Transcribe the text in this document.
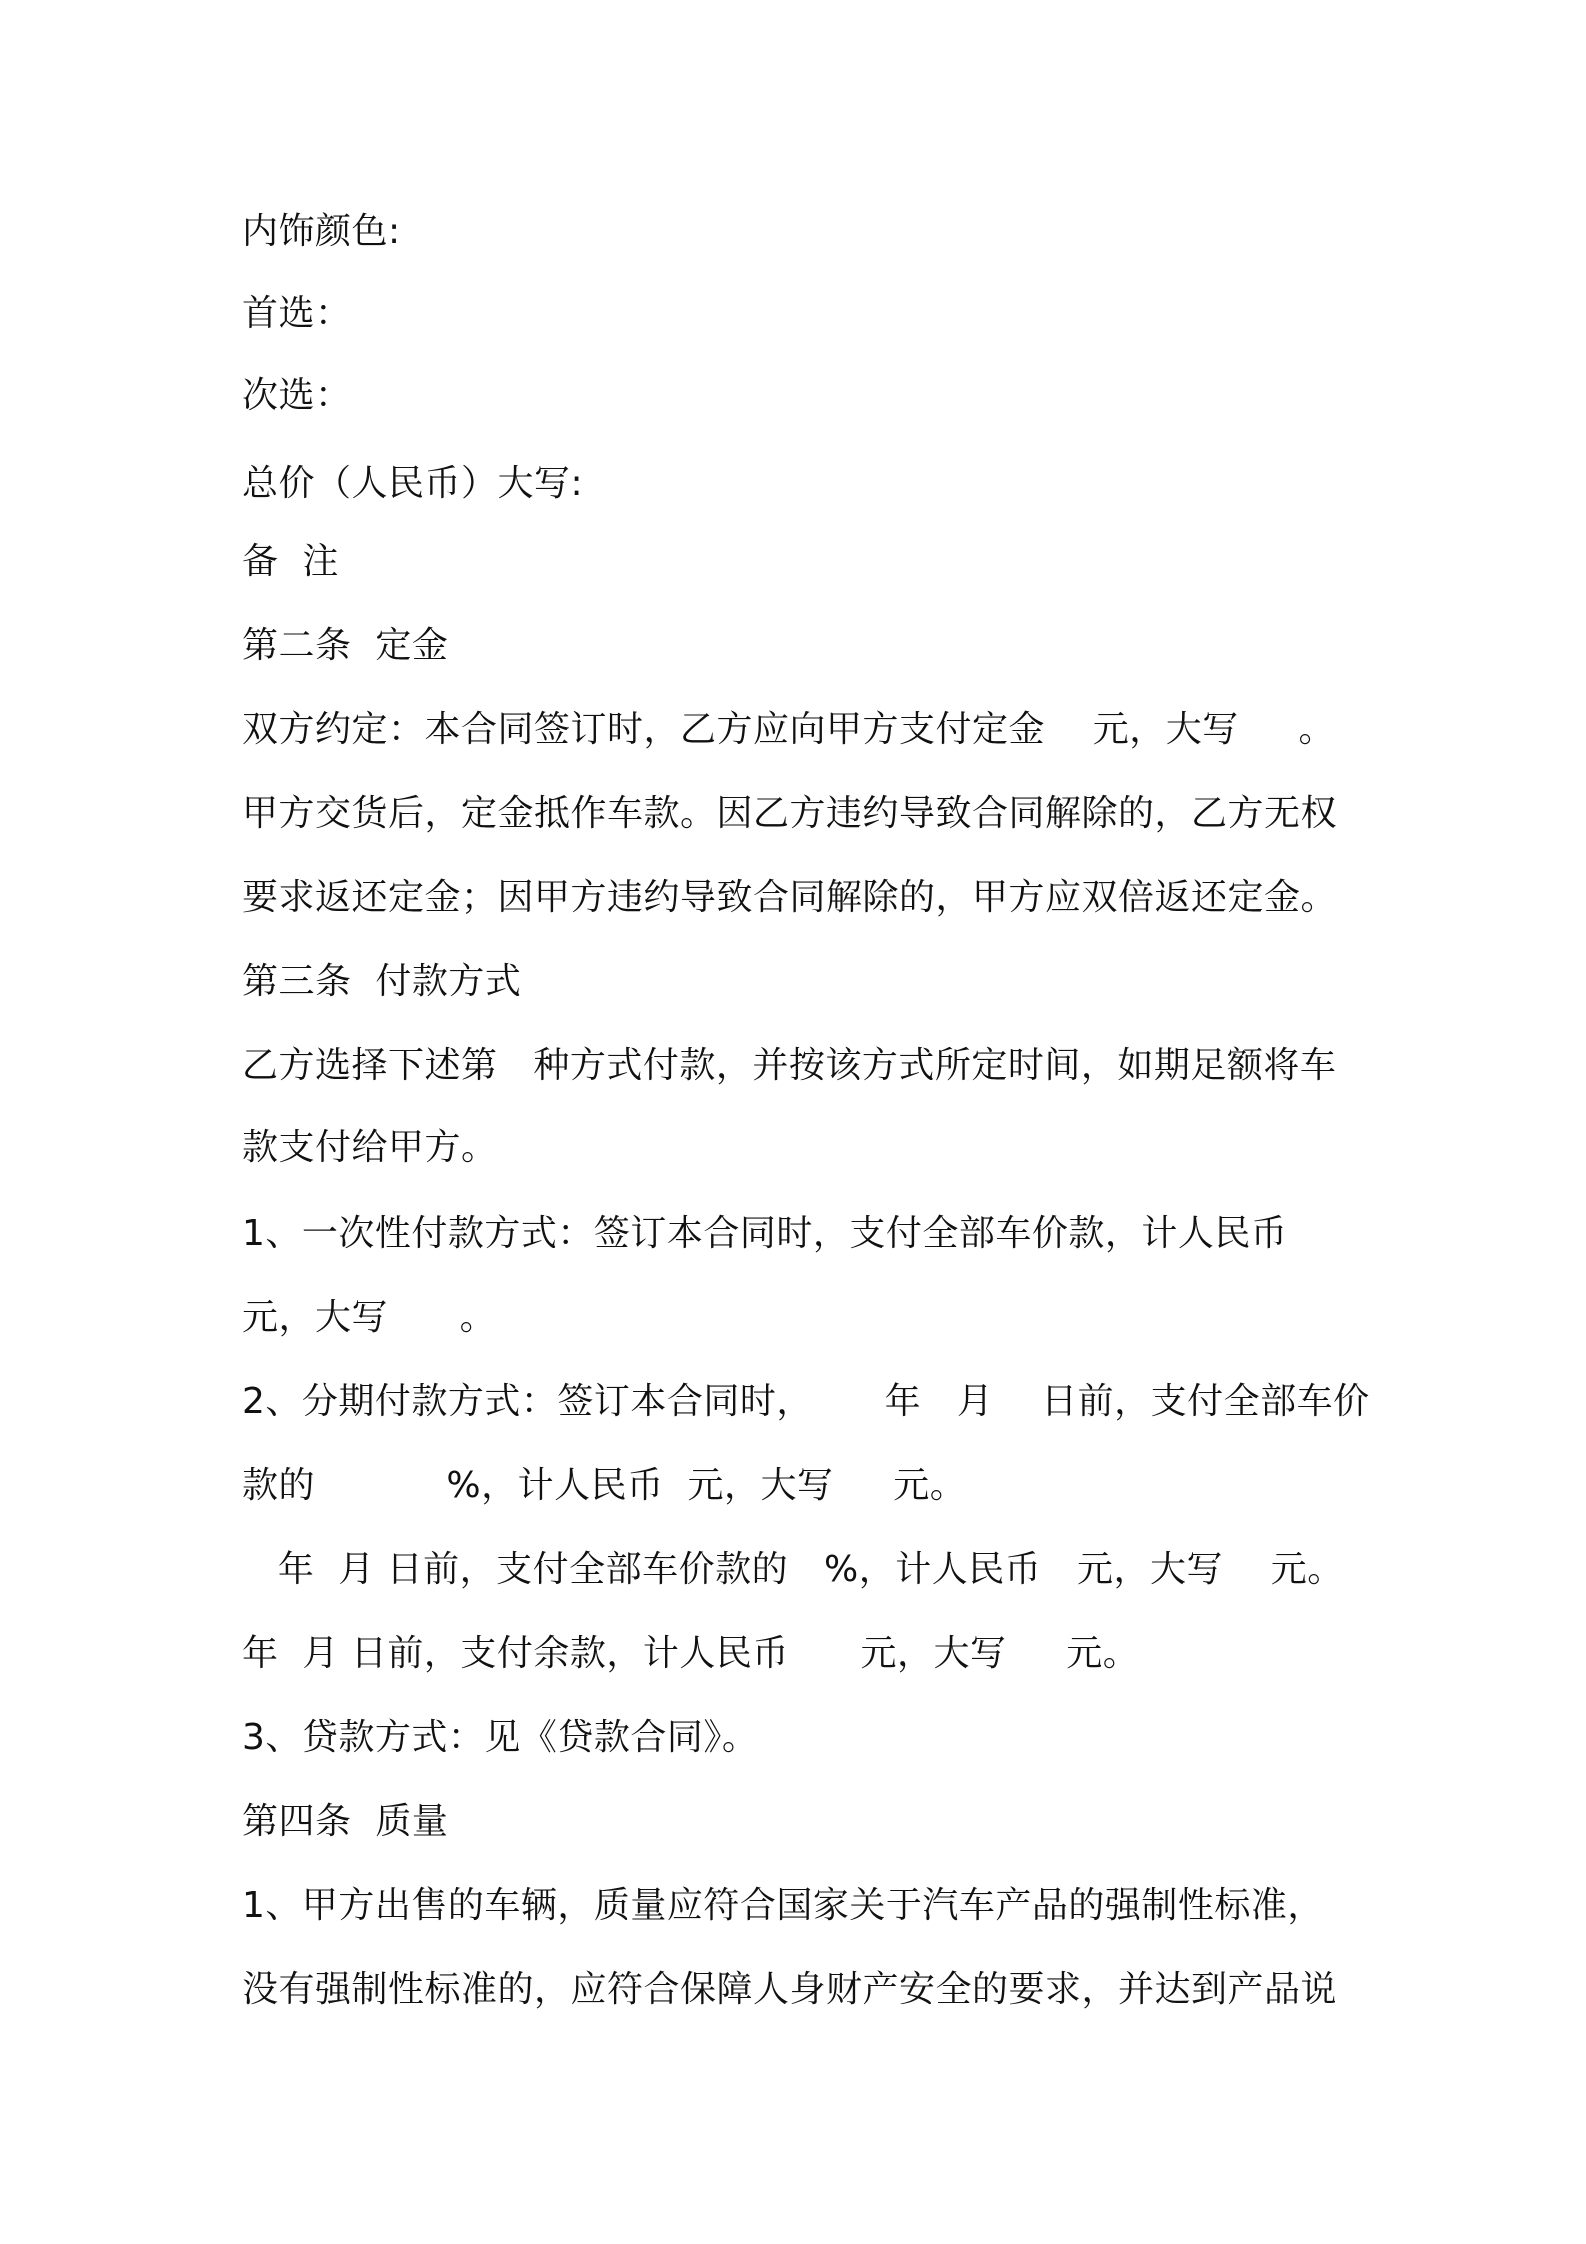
内饰颜色:
首选：
次选：
总价（人民币）大写:
备  注
第二条  定金
双方约定：本合同签订时，乙方应向甲方支付定金    元，大写     。
甲方交货后，定金抵作车款。因乙方违约导致合同解除的，乙方无权
要求返还定金；因甲方违约导致合同解除的，甲方应双倍返还定金。
第三条  付款方式
乙方选择下述第   种方式付款，并按该方式所定时间，如期足额将车
款支付给甲方。
1、一次性付款方式：签订本合同时，支付全部车价款，计人民币
元，大写      。
2、分期付款方式：签订本合同时，      年   月    日前，支付全部车价
款的           %，计人民币  元，大写     元。
年  月 日前，支付全部车价款的   %，计人民币   元，大写    元。
年  月 日前，支付余款，计人民币      元，大写     元。
3、贷款方式：见《贷款合同》。
第四条  质量
1、甲方出售的车辆，质量应符合国家关于汽车产品的强制性标准，
没有强制性标准的，应符合保障人身财产安全的要求，并达到产品说
